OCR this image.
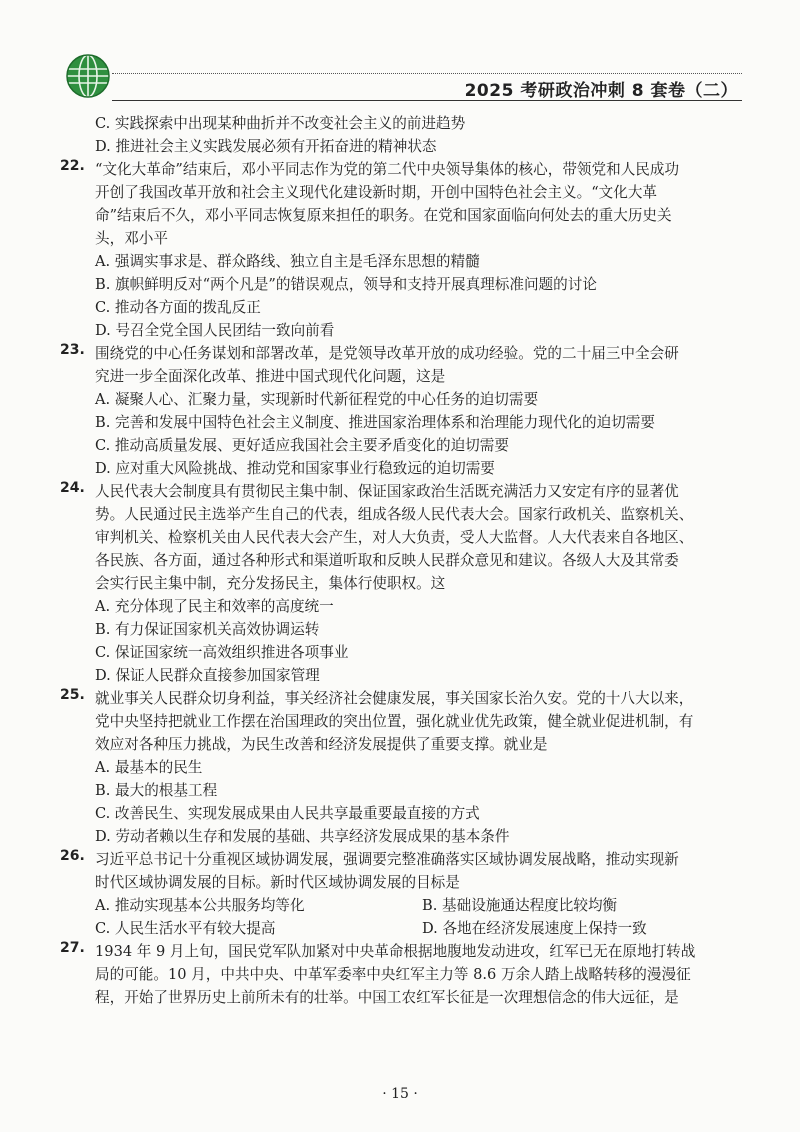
2025 考研政治冲刺 8 套卷（二）
C. 实践探索中出现某种曲折并不改变社会主义的前进趋势
D. 推进社会主义实践发展必须有开拓奋进的精神状态
22. “文化大革命”结束后，邓小平同志作为党的第二代中央领导集体的核心，带领党和人民成功
开创了我国改革开放和社会主义现代化建设新时期，开创中国特色社会主义。“文化大革
命”结束后不久，邓小平同志恢复原来担任的职务。在党和国家面临向何处去的重大历史关
头，邓小平
A. 强调实事求是、群众路线、独立自主是毛泽东思想的精髓
B. 旗帜鲜明反对“两个凡是”的错误观点，领导和支持开展真理标准问题的讨论
C. 推动各方面的拨乱反正
D. 号召全党全国人民团结一致向前看
23. 围绕党的中心任务谋划和部署改革，是党领导改革开放的成功经验。党的二十届三中全会研
究进一步全面深化改革、推进中国式现代化问题，这是
A. 凝聚人心、汇聚力量，实现新时代新征程党的中心任务的迫切需要
B. 完善和发展中国特色社会主义制度、推进国家治理体系和治理能力现代化的迫切需要
C. 推动高质量发展、更好适应我国社会主要矛盾变化的迫切需要
D. 应对重大风险挑战、推动党和国家事业行稳致远的迫切需要
24. 人民代表大会制度具有贯彻民主集中制、保证国家政治生活既充满活力又安定有序的显著优
势。人民通过民主选举产生自己的代表，组成各级人民代表大会。国家行政机关、监察机关、
审判机关、检察机关由人民代表大会产生，对人大负责，受人大监督。人大代表来自各地区、
各民族、各方面，通过各种形式和渠道听取和反映人民群众意见和建议。各级人大及其常委
会实行民主集中制，充分发扬民主，集体行使职权。这
A. 充分体现了民主和效率的高度统一
B. 有力保证国家机关高效协调运转
C. 保证国家统一高效组织推进各项事业
D. 保证人民群众直接参加国家管理
25. 就业事关人民群众切身利益，事关经济社会健康发展，事关国家长治久安。党的十八大以来，
党中央坚持把就业工作摆在治国理政的突出位置，强化就业优先政策，健全就业促进机制，有
效应对各种压力挑战，为民生改善和经济发展提供了重要支撑。就业是
A. 最基本的民生
B. 最大的根基工程
C. 改善民生、实现发展成果由人民共享最重要最直接的方式
D. 劳动者赖以生存和发展的基础、共享经济发展成果的基本条件
26. 习近平总书记十分重视区域协调发展，强调要完整准确落实区域协调发展战略，推动实现新
时代区域协调发展的目标。新时代区域协调发展的目标是
A. 推动实现基本公共服务均等化	B. 基础设施通达程度比较均衡
C. 人民生活水平有较大提高	D. 各地在经济发展速度上保持一致
27. 1934 年 9 月上旬，国民党军队加紧对中央革命根据地腹地发动进攻，红军已无在原地打转战
局的可能。10 月，中共中央、中革军委率中央红军主力等 8.6 万余人踏上战略转移的漫漫征
程，开始了世界历史上前所未有的壮举。中国工农红军长征是一次理想信念的伟大远征，是
· 15 ·
